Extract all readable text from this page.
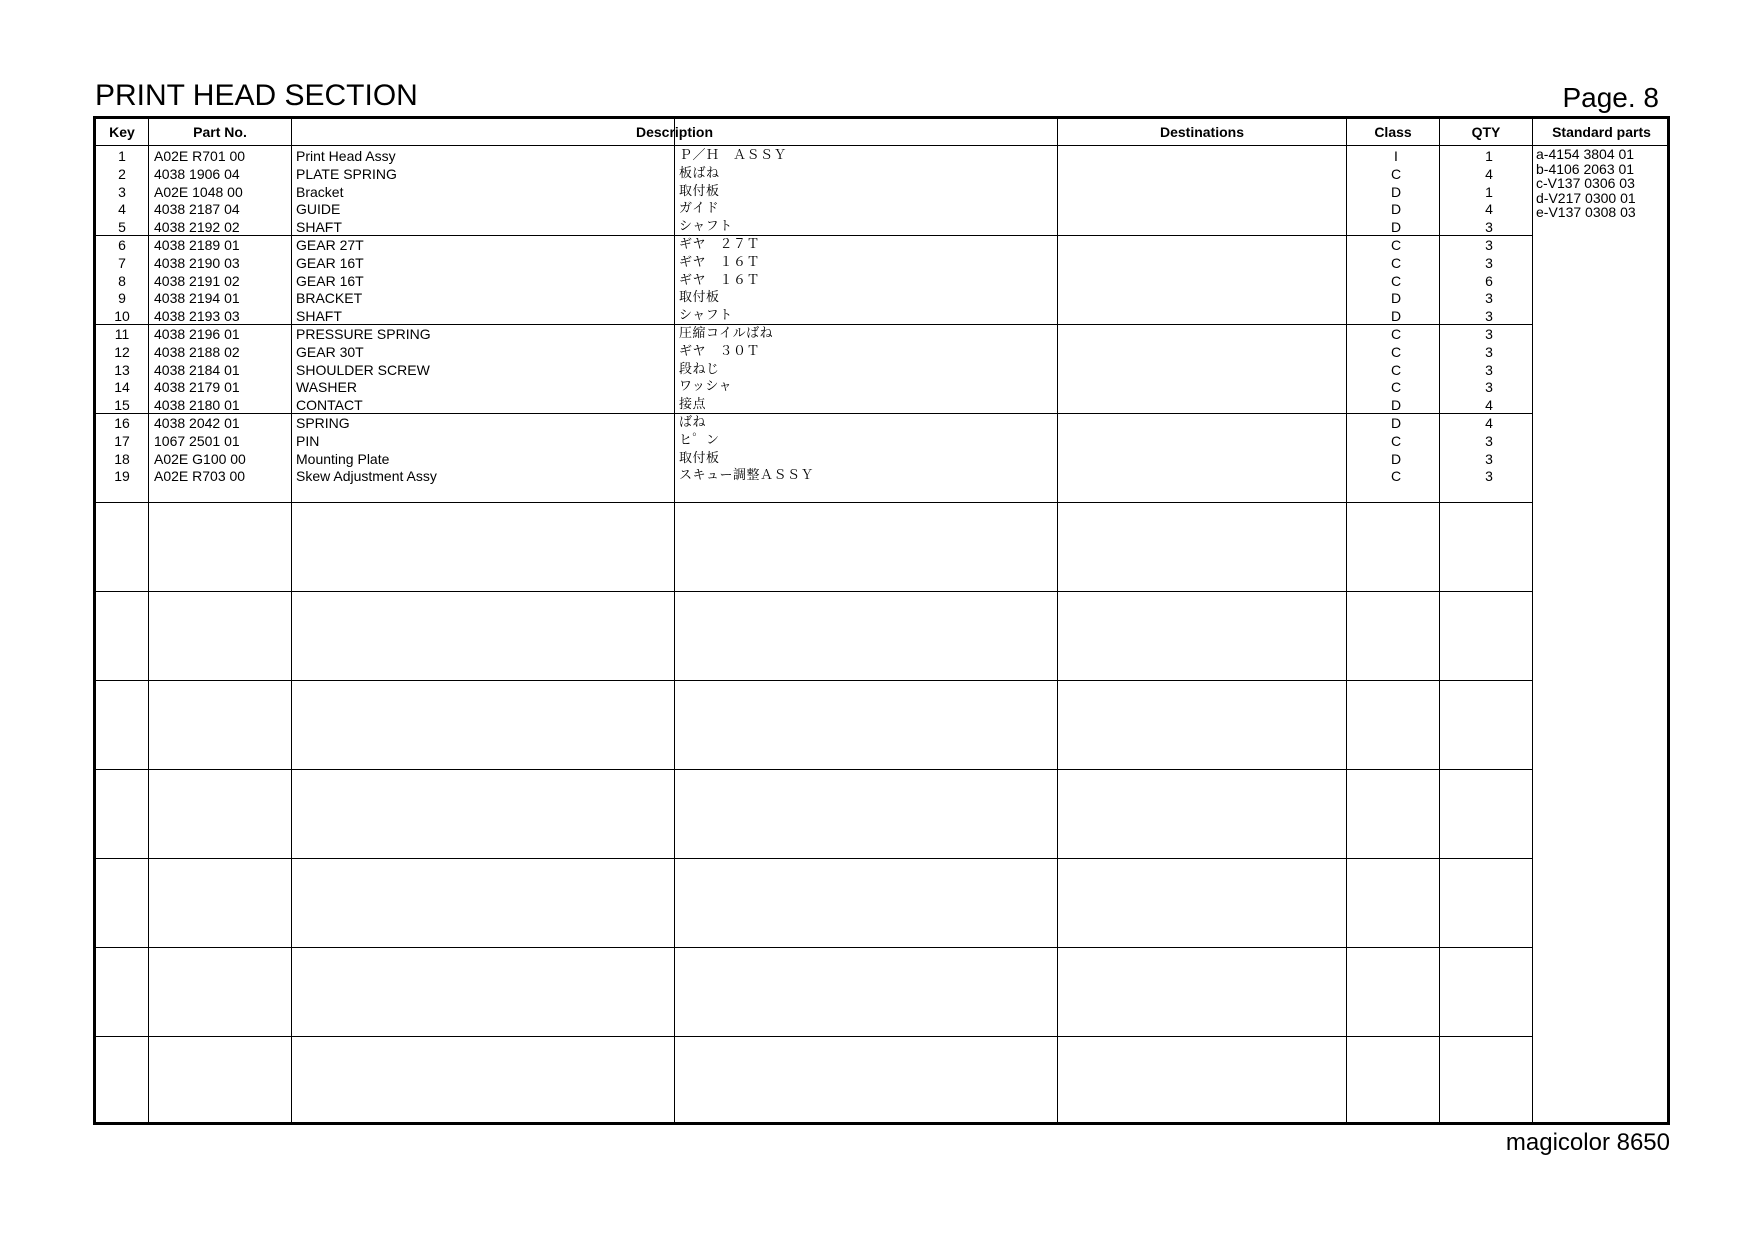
PRINT HEAD SECTION	Page. 8
Key	Part No.	Description	Destinations	Class	QTY	Standard parts
1	A02E R701 00	Print Head Assy	Ｐ／Ｈ　ＡＳＳＹ	I	1
2	4038 1906 04	PLATE SPRING	板ばね	C	4
3	A02E 1048 00	Bracket	取付板	D	1
4	4038 2187 04	GUIDE	ガイド	D	4
5	4038 2192 02	SHAFT	シャフト	D	3
6	4038 2189 01	GEAR 27T	ギヤ　２７Ｔ	C	3
7	4038 2190 03	GEAR 16T	ギヤ　１６Ｔ	C	3
8	4038 2191 02	GEAR 16T	ギヤ　１６Ｔ	C	6
9	4038 2194 01	BRACKET	取付板	D	3
10	4038 2193 03	SHAFT	シャフト	D	3
11	4038 2196 01	PRESSURE SPRING	圧縮コイルばね	C	3
12	4038 2188 02	GEAR 30T	ギヤ　３０Ｔ	C	3
13	4038 2184 01	SHOULDER SCREW	段ねじ	C	3
14	4038 2179 01	WASHER	ワッシャ	C	3
15	4038 2180 01	CONTACT	接点	D	4
16	4038 2042 01	SPRING	ばね	D	4
17	1067 2501 01	PIN	ヒ゜ン	C	3
18	A02E G100 00	Mounting Plate	取付板	D	3
19	A02E R703 00	Skew Adjustment Assy	スキュー調整ＡＳＳＹ	C	3
a-4154 3804 01
b-4106 2063 01
c-V137 0306 03
d-V217 0300 01
e-V137 0308 03
magicolor 8650
